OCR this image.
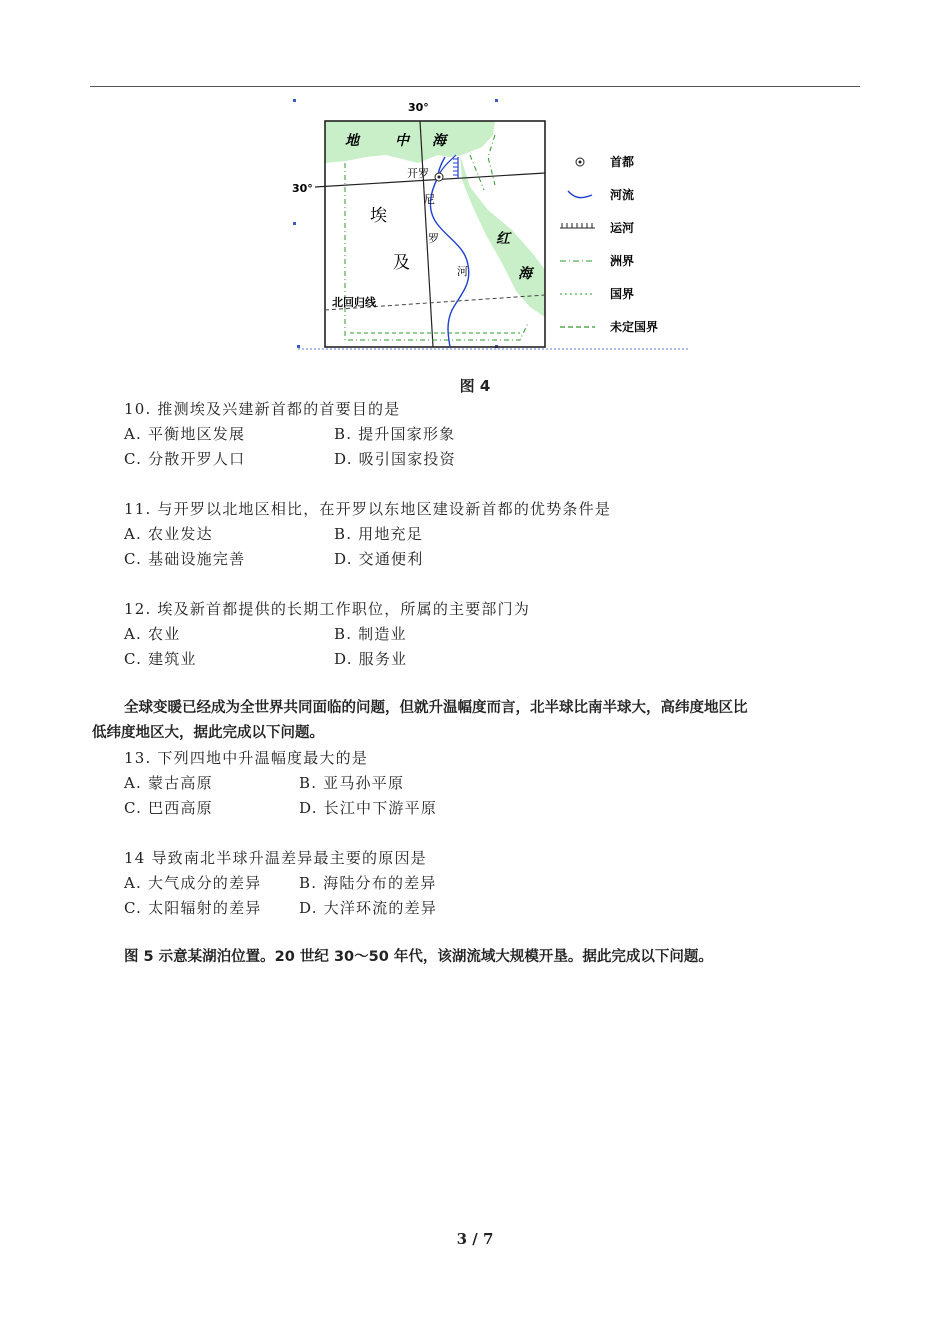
30°
30°
地	中 海
开罗
埃
及
尼
罗
河
红
海
北回归线
首都
河流
运河
洲界
国界
未定国界
图 4
10. 推测埃及兴建新首都的首要目的是
A. 平衡地区发展	B. 提升国家形象
C. 分散开罗人口	D. 吸引国家投资
11. 与开罗以北地区相比，在开罗以东地区建设新首都的优势条件是
A. 农业发达	B. 用地充足
C. 基础设施完善	D. 交通便利
12. 埃及新首都提供的长期工作职位，所属的主要部门为
A. 农业	B. 制造业
C. 建筑业	D. 服务业

全球变暖已经成为全世界共同面临的问题，但就升温幅度而言，北半球比南半球大，高纬度地区比

低纬度地区大，据此完成以下问题。

13. 下列四地中升温幅度最大的是
A. 蒙古高原	B. 亚马孙平原
C. 巴西高原	D. 长江中下游平原
14 导致南北半球升温差异最主要的原因是
A. 大气成分的差异	B. 海陆分布的差异
C. 太阳辐射的差异	D. 大洋环流的差异

图 5 示意某湖泊位置。20 世纪 30～50 年代，该湖流域大规模开垦。据此完成以下问题。

3 / 7
